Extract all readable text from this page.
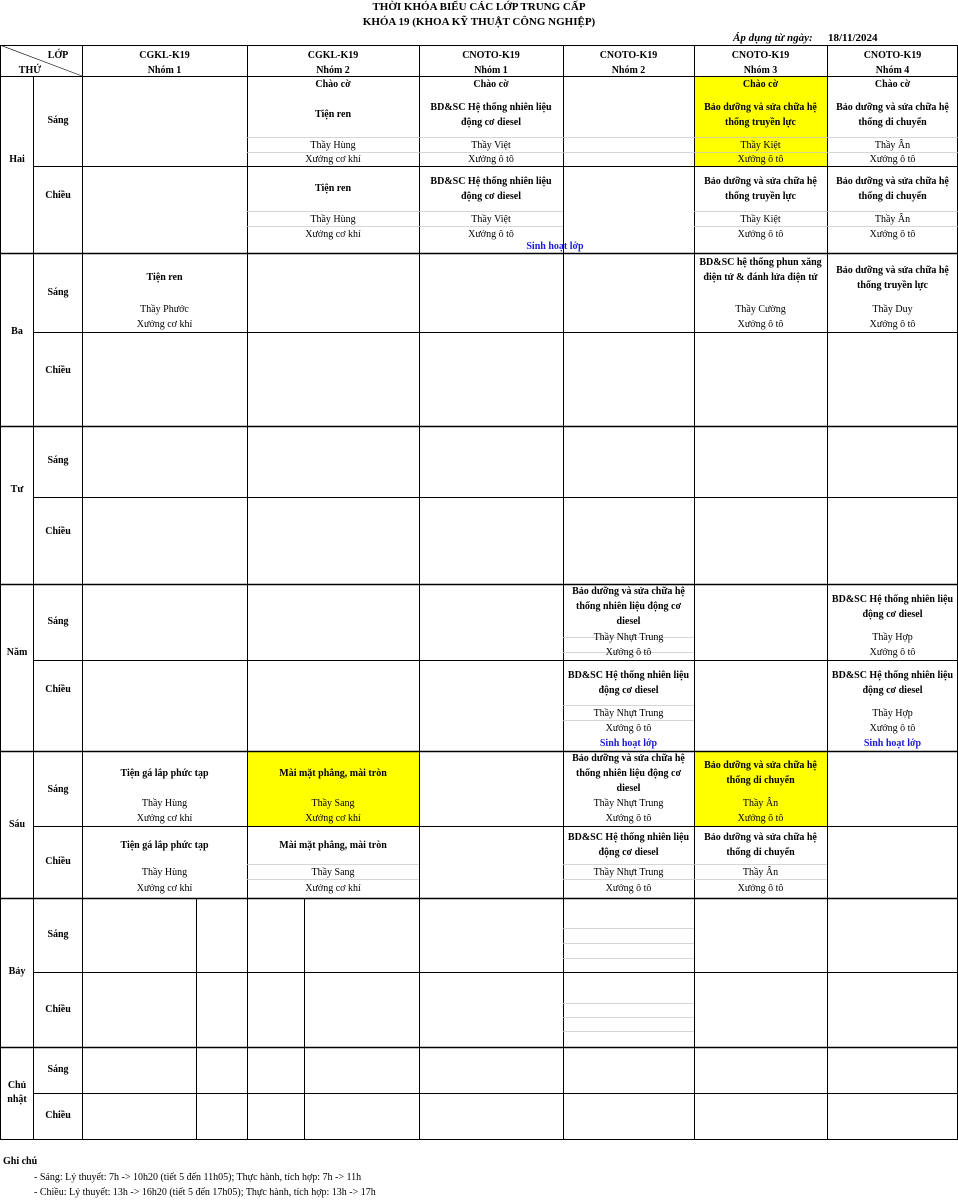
THỜI KHÓA BIỂU CÁC LỚP TRUNG CẤP
KHÓA 19 (KHOA KỸ THUẬT CÔNG NGHIỆP)
Áp dụng từ ngày: 18/11/2024
LỚP
THỨ
CGKL-K19
Nhóm 1
CGKL-K19
Nhóm 2
CNOTO-K19
Nhóm 1
CNOTO-K19
Nhóm 2
CNOTO-K19
Nhóm 3
CNOTO-K19
Nhóm 4
Hai
Ba
Tư
Năm
Sáu
Bảy
Chủ nhật
Sáng
Chiều
Sáng
Chiều
Sáng
Chiều
Sáng
Chiều
Sáng
Chiều
Sáng
Chiều
Sáng
Chiều
Chào cờ
Tiện ren
Thầy Hùng
Xưởng cơ khí
Chào cờ
BD&SC Hệ thống nhiên liệu động cơ diesel
Thầy Việt
Xưởng ô tô
Chào cờ
Bảo dưỡng và sửa chữa hệ thống truyền lực
Thầy Kiệt
Xưởng ô tô
Chào cờ
Bảo dưỡng và sửa chữa hệ thống di chuyển
Thầy Ân
Xưởng ô tô
Tiện ren
Thầy Hùng
Xưởng cơ khí
BD&SC Hệ thống nhiên liệu động cơ diesel
Thầy Việt
Xưởng ô tô
Sinh hoạt lớp
Bảo dưỡng và sửa chữa hệ thống truyền lực
Thầy Kiệt
Xưởng ô tô
Bảo dưỡng và sửa chữa hệ thống di chuyển
Thầy Ân
Xưởng ô tô
Tiện ren
Thầy Phước
Xưởng cơ khí
BD&SC hệ thống phun xăng điện tử & đánh lửa điện tử
Thầy Cường
Xưởng ô tô
Bảo dưỡng và sửa chữa hệ thống truyền lực
Thầy Duy
Xưởng ô tô
Bảo dưỡng và sửa chữa hệ thống nhiên liệu động cơ diesel
Thầy Nhựt Trung
Xưởng ô tô
BD&SC Hệ thống nhiên liệu động cơ diesel
Thầy Hợp
Xưởng ô tô
BD&SC Hệ thống nhiên liệu động cơ diesel
Thầy Nhựt Trung
Xưởng ô tô
Sinh hoạt lớp
BD&SC Hệ thống nhiên liệu động cơ diesel
Thầy Hợp
Xưởng ô tô
Sinh hoạt lớp
Tiện gá lắp phức tạp
Thầy Hùng
Xưởng cơ khí
Mài mặt phẳng, mài tròn
Thầy Sang
Xưởng cơ khí
Bảo dưỡng và sửa chữa hệ thống nhiên liệu động cơ diesel
Thầy Nhựt Trung
Xưởng ô tô
Bảo dưỡng và sửa chữa hệ thống di chuyển
Thầy Ân
Xưởng ô tô
Tiện gá lắp phức tạp
Thầy Hùng
Xưởng cơ khí
Mài mặt phẳng, mài tròn
Thầy Sang
Xưởng cơ khí
BD&SC Hệ thống nhiên liệu động cơ diesel
Thầy Nhựt Trung
Xưởng ô tô
Bảo dưỡng và sửa chữa hệ thống di chuyển
Thầy Ân
Xưởng ô tô
Ghi chú
- Sáng: Lý thuyết: 7h -> 10h20 (tiết 5 đến 11h05); Thực hành, tích hợp: 7h -> 11h
- Chiều: Lý thuyết: 13h -> 16h20 (tiết 5 đến 17h05); Thực hành, tích hợp: 13h -> 17h
